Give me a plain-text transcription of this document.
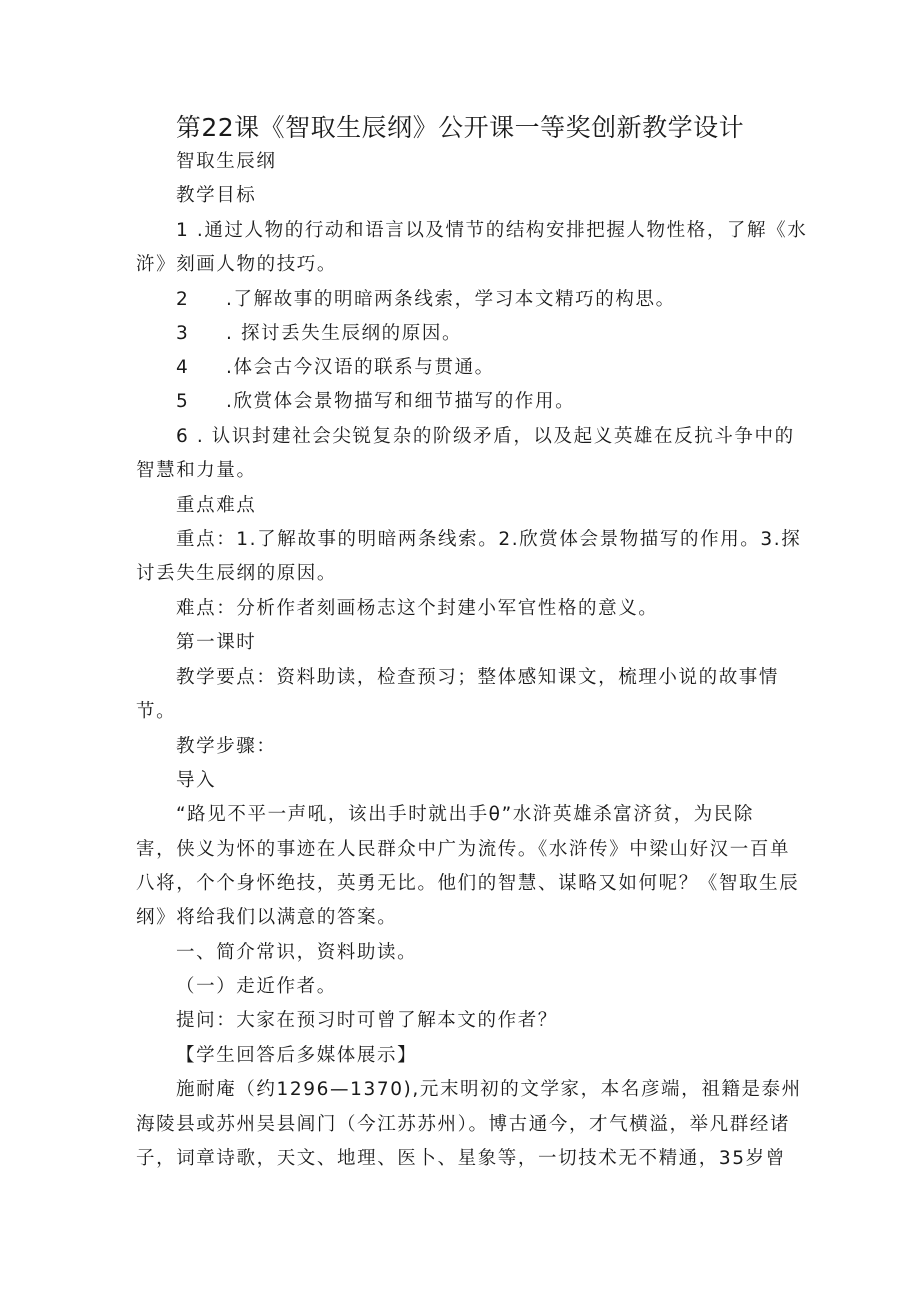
第22课《智取生辰纲》公开课一等奖创新教学设计
智取生辰纲
教学目标
1 .通过人物的行动和语言以及情节的结构安排把握人物性格，了解《水
浒》刻画人物的技巧。
2 .了解故事的明暗两条线索，学习本文精巧的构思。
3 . 探讨丢失生辰纲的原因。
4 .体会古今汉语的联系与贯通。
5 .欣赏体会景物描写和细节描写的作用。
6 . 认识封建社会尖锐复杂的阶级矛盾，以及起义英雄在反抗斗争中的
智慧和力量。
重点难点
重点：1.了解故事的明暗两条线索。2.欣赏体会景物描写的作用。3.探
讨丢失生辰纲的原因。
难点：分析作者刻画杨志这个封建小军官性格的意义。
第一课时
教学要点：资料助读，检查预习；整体感知课文，梳理小说的故事情
节。
教学步骤：
导入
“路见不平一声吼，该出手时就出手θ”水浒英雄杀富济贫，为民除
害，侠义为怀的事迹在人民群众中广为流传。《水浒传》中梁山好汉一百单
八将，个个身怀绝技，英勇无比。他们的智慧、谋略又如何呢？《智取生辰
纲》将给我们以满意的答案。
一、简介常识，资料助读。
（一）走近作者。
提问：大家在预习时可曾了解本文的作者？
【学生回答后多媒体展示】
施耐庵（约1296—1370),元末明初的文学家，本名彦端，祖籍是泰州
海陵县或苏州吴县阊门（今江苏苏州）。博古通今，才气横溢，举凡群经诸
子，词章诗歌，天文、地理、医卜、星象等，一切技术无不精通，35岁曾
